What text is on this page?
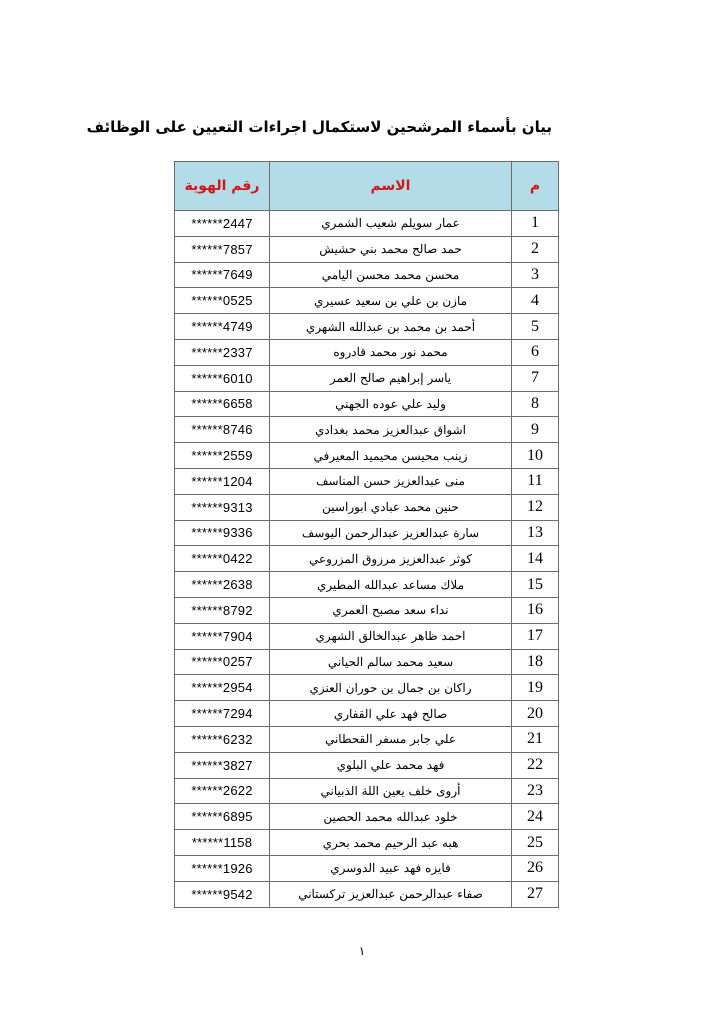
بيان بأسماء المرشحين لاستكمال اجراءات التعيين على الوظائف
رقم الهوية	الاسم	م
******2447	عمار سويلم شعيب الشمري	1
******7857	حمد صالح محمد بني حشيش	2
******7649	محسن محمد محسن اليامي	3
******0525	مازن بن علي بن سعيد عسيري	4
******4749	أحمد بن محمد بن عبدالله الشهري	5
******2337	محمد نور محمد قادروه	6
******6010	ياسر إبراهيم صالح العمر	7
******6658	وليد علي عوده الجهني	8
******8746	اشواق عبدالعزيز محمد بغدادي	9
******2559	زينب محيسن محيميد المعيرفي	10
******1204	منى عبدالعزيز حسن المناسف	11
******9313	حنين محمد عبادي ابوراسين	12
******9336	سارة عبدالعزيز عبدالرحمن اليوسف	13
******0422	كوثر عبدالعزيز مرزوق المزروعي	14
******2638	ملاك مساعد عبدالله المطيري	15
******8792	نداء سعد مصبح العمري	16
******7904	احمد ظاهر عبدالخالق الشهري	17
******0257	سعيد محمد سالم الحياني	18
******2954	راكان بن جمال بن حوران العنزي	19
******7294	صالح فهد علي القفاري	20
******6232	علي جابر مسفر القحطاني	21
******3827	فهد محمد علي البلوي	22
******2622	أروى خلف يعين اللة الذبياني	23
******6895	خلود عبدالله محمد الحصين	24
******1158	هبه عبد الرحيم محمد بحري	25
******1926	فايزه فهد عبيد الدوسري	26
******9542	صفاء عبدالرحمن عبدالعزيز تركستاني	27
١
